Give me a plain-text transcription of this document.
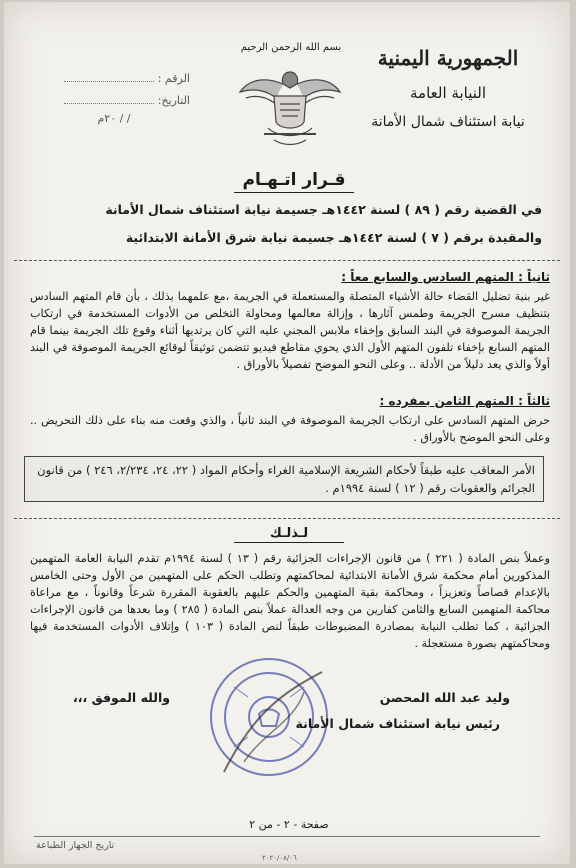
الجمهورية اليمنية
النيابة العامة
نيابة استئناف شمال الأمانة
بسم الله الرحمن الرحيم
الرقم :
التاريخ:
/ / ٢٠م
قـرار اتـهـام
في القضية رقم ( ٨٩ ) لسنة ١٤٤٢هـ جسيمة نيابة استئناف شمال الأمانة
والمقيدة برقم ( ٧ ) لسنة ١٤٤٢هـ جسيمة نيابة شرق الأمانة الابتدائية
ثانياً : المتهم السادس والسابع معاً :
غير بنية تضليل القضاء حالة الأشياء المتصلة والمستعملة في الجريمة ،مع علمهما بذلك ، بأن قام المتهم السادس بتنظيف مسرح الجريمة وطمس آثارها ، وإزالة معالمها ومحاولة التخلص من الأدوات المستخدمة في ارتكاب الجريمة الموصوفة في البند السابق وإخفاء ملابس المجني عليه التي كان يرتديها أثناء وقوع تلك الجريمة بينما قام المتهم السابع بإخفاء تلفون المتهم الأول الذي يحوي مقاطع فيديو تتضمن توثيقاً لوقائع الجريمة الموصوفة في البند أولاً والذي يعد دليلاً من الأدلة .. وعلى النحو الموضح تفصيلاً بالأوراق .
ثالثاً : المتهم الثامن بمفرده :
حرض المتهم السادس على ارتكاب الجريمة الموصوفة في البند ثانياً ، والذي وقعت منه بناء على ذلك التحريض .. وعلى النحو الموضح بالأوراق .
الأمر المعاقب عليه طبقاً لأحكام الشريعة الإسلامية الغراء وأحكام المواد ( ٢٢، ٢٤، ٢/٢٣٤، ٢٤٦ ) من قانون الجرائم والعقوبات رقم ( ١٢ ) لسنة ١٩٩٤م .
لـذلـك
وعملاً بنص المادة ( ٢٢١ ) من قانون الإجراءات الجزائية رقم ( ١٣ ) لسنة ١٩٩٤م تقدم النيابة العامة المتهمين المذكورين أمام محكمة شرق الأمانة الابتدائية لمحاكمتهم وتطلب الحكم على المتهمين من الأول وحتى الخامس بالإعدام قصاصاً وتعزيزاً ، ومحاكمة بقية المتهمين والحكم عليهم بالعقوبة المقررة شرعاً وقانوناً ، مع مراعاة محاكمة المتهمين السابع والثامن كفارين من وجه العدالة عملاً بنص المادة ( ٢٨٥ ) وما بعدها من قانون الإجراءات الجزائية ، كما تطلب النيابة بمصادرة المضبوطات طبقاً لنص المادة ( ١٠٣ ) وإتلاف الأدوات المستخدمة فيها ومحاكمتهم بصورة مستعجلة .
والله الموفق ،،،	وليد عبد الله المحصن
رئيس نيابة استئناف شمال الأمانة
صفحة - ٢ - من ٢
تاريخ الجهاز الطباعة
٢٠٢٠/٠٨/٠٦
